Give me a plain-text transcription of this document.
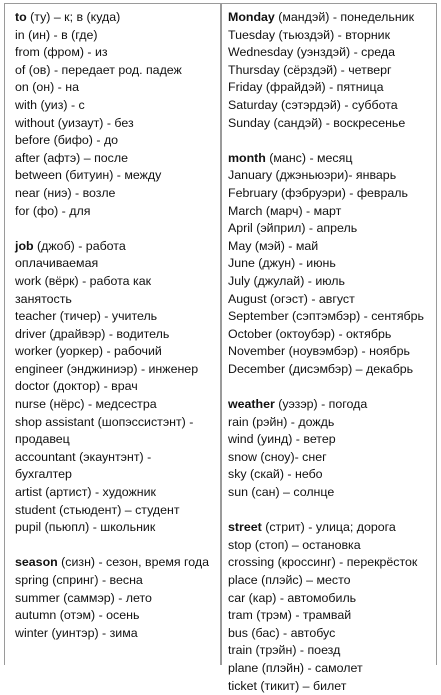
to (ту) – к; в (куда)
in (ин) - в (где)
from (фром) - из
of (ов) - передает род. падеж
on (он) - на
with (уиз) - с
without (уизаут) - без
before (бифо) - до
after (афтэ) – после
between (битуин) - между
near (ниэ) - возле
for (фо) - для
job (джоб) - работа
оплачиваемая
work (вёрк) - работа как
занятость
teacher (тичер) - учитель
driver (драйвэр) - водитель
worker (уоркер) - рабочий
engineer (энджиниэр) - инженер
doctor (доктор) - врач
nurse (нёрс) - медсестра
shop assistant (шопэссистэнт) -
продавец
accountant (экаунтэнт) -
бухгалтер
artist (артист) - художник
student (стьюдент) – студент
pupil (пьюпл) - школьник
season (сизн) - сезон, время года
spring (спринг) - весна
summer (саммэр) - лето
autumn (отэм) - осень
winter (уинтэр) - зима
Monday (мандэй) - понедельник
Tuesday (тьюздэй) - вторник
Wednesday (уэнздэй) - среда
Thursday (сёрздэй) - четверг
Friday (фрайдэй) - пятница
Saturday (сэтэрдэй) - суббота
Sunday (сандэй) - воскресенье
month (манс) - месяц
January (джэньюэри)- январь
February (фэбруэри) - февраль
March (марч) - март
April (эйприл) - апрель
May (мэй) - май
June (джун) - июнь
July (джулай) - июль
August (огэст) - август
September (сэптэмбэр) - сентябрь
October (октоубэр) - октябрь
November (ноувэмбэр) - ноябрь
December (дисэмбэр) – декабрь
weather (уэзэр) - погода
rain (рэйн) - дождь
wind (уинд) - ветер
snow (сноу)- снег
sky (скай) - небо
sun (сан) – солнце
street (стрит) - улица; дорога
stop (стоп) – остановка
crossing (кроссинг) - перекрёсток
place (плэйс) – место
car (кар) - автомобиль
tram (трэм) - трамвай
bus (бас) - автобус
train (трэйн) - поезд
plane (плэйн) - самолет
ticket (тикит) – билет
